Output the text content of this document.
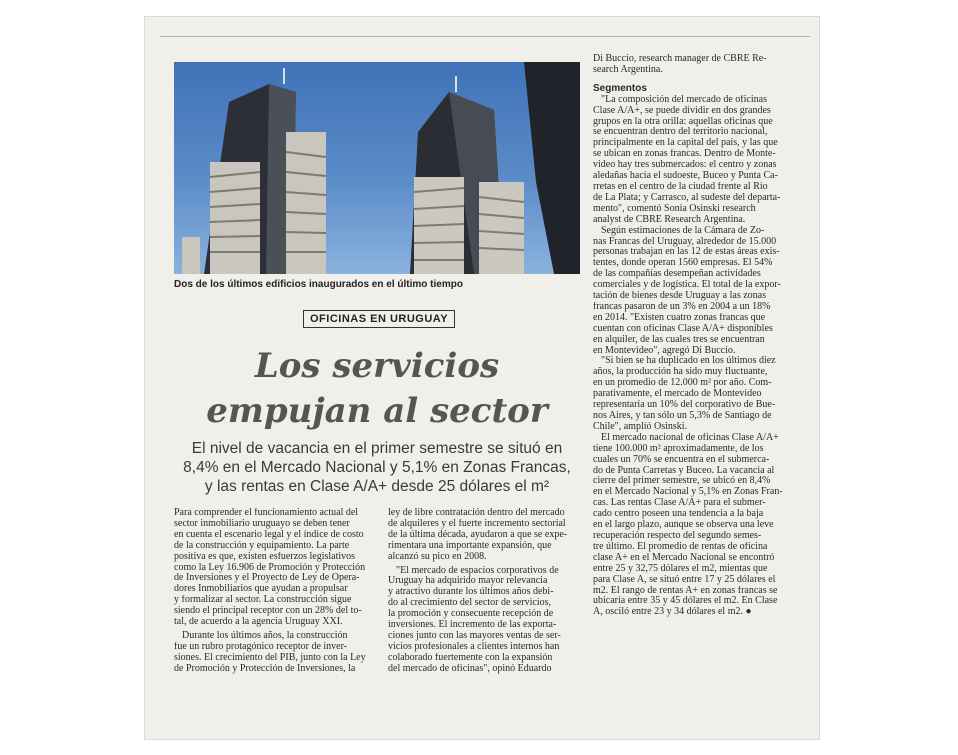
Dos de los últimos edificios inaugurados en el último tiempo
OFICINAS EN URUGUAY
Los servicios
empujan al sector
El nivel de vacancia en el primer semestre se situó en
8,4% en el Mercado Nacional y 5,1% en Zonas Francas,
y las rentas en Clase A/A+ desde 25 dólares el m²
Para comprender el funcionamiento actual del
sector inmobiliario uruguayo se deben tener
en cuenta el escenario legal y el índice de costo
de la construcción y equipamiento. La parte
positiva es que, existen esfuerzos legislativos
como la Ley 16.906 de Promoción y Protección
de Inversiones y el Proyecto de Ley de Opera-
dores Inmobiliarios que ayudan a propulsar
y formalizar al sector. La construcción sigue
siendo el principal receptor con un 28% del to-
tal, de acuerdo a la agencia Uruguay XXI.
Durante los últimos años, la construcción
fue un rubro protagónico receptor de inver-
siones. El crecimiento del PIB, junto con la Ley
de Promoción y Protección de Inversiones, la
ley de libre contratación dentro del mercado
de alquileres y el fuerte incremento sectorial
de la última década, ayudaron a que se expe-
rimentara una importante expansión, que
alcanzó su pico en 2008.
"El mercado de espacios corporativos de
Uruguay ha adquirido mayor relevancia
y atractivo durante los últimos años debi-
do al crecimiento del sector de servicios,
la promoción y consecuente recepción de
inversiones. El incremento de las exporta-
ciones junto con las mayores ventas de ser-
vicios profesionales a clientes internos han
colaborado fuertemente con la expansión
del mercado de oficinas", opinó Eduardo
Di Buccio, research manager de CBRE Re-
search Argentina.
Segmentos
"La composición del mercado de oficinas
Clase A/A+, se puede dividir en dos grandes
grupos en la otra orilla: aquellas oficinas que
se encuentran dentro del territorio nacional,
principalmente en la capital del país, y las que
se ubican en zonas francas. Dentro de Monte-
video hay tres submercados: el centro y zonas
aledañas hacia el sudoeste, Buceo y Punta Ca-
rretas en el centro de la ciudad frente al Río
de La Plata; y Carrasco, al sudeste del departa-
mento", comentó Sonia Osinski research
analyst de CBRE Research Argentina.
Según estimaciones de la Cámara de Zo-
nas Francas del Uruguay, alrededor de 15.000
personas trabajan en las 12 de estas áreas exis-
tentes, donde operan 1560 empresas. El 54%
de las compañías desempeñan actividades
comerciales y de logística. El total de la expor-
tación de bienes desde Uruguay a las zonas
francas pasaron de un 3% en 2004 a un 18%
en 2014. "Existen cuatro zonas francas que
cuentan con oficinas Clase A/A+ disponibles
en alquiler, de las cuales tres se encuentran
en Montevideo", agregó Di Buccio.
"Si bien se ha duplicado en los últimos diez
años, la producción ha sido muy fluctuante,
en un promedio de 12.000 m² por año. Com-
parativamente, el mercado de Montevideo
representaría un 10% del corporativo de Bue-
nos Aires, y tan sólo un 5,3% de Santiago de
Chile", amplió Osinski.
El mercado nacional de oficinas Clase A/A+
tiene 100.000 m² aproximadamente, de los
cuales un 70% se encuentra en el submerca-
do de Punta Carretas y Buceo. La vacancia al
cierre del primer semestre, se ubicó en 8,4%
en el Mercado Nacional y 5,1% en Zonas Fran-
cas. Las rentas Clase A/A+ para el submer-
cado centro poseen una tendencia a la baja
en el largo plazo, aunque se observa una leve
recuperación respecto del segundo semes-
tre último. El promedio de rentas de oficina
clase A+ en el Mercado Nacional se encontró
entre 25 y 32,75 dólares el m2, mientas que
para Clase A, se situó entre 17 y 25 dólares el
m2. El rango de rentas A+ en zonas francas se
ubicaría entre 35 y 45 dólares el m2. En Clase
A, osciló entre 23 y 34 dólares el m2. ●
